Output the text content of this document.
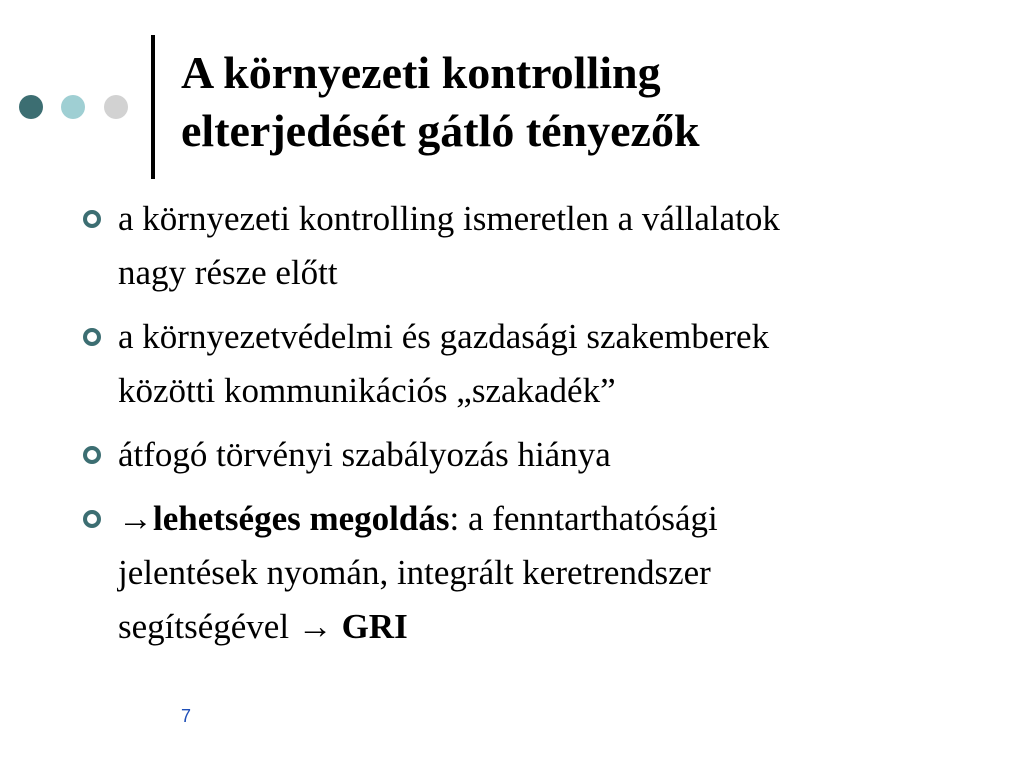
A környezeti kontrolling
elterjedését gátló tényezők
a környezeti kontrolling ismeretlen a vállalatok
nagy része előtt
a környezetvédelmi és gazdasági szakemberek
közötti kommunikációs „szakadék”
átfogó törvényi szabályozás hiánya
→lehetséges megoldás: a fenntarthatósági
jelentések nyomán, integrált keretrendszer
segítségével → GRI
7
